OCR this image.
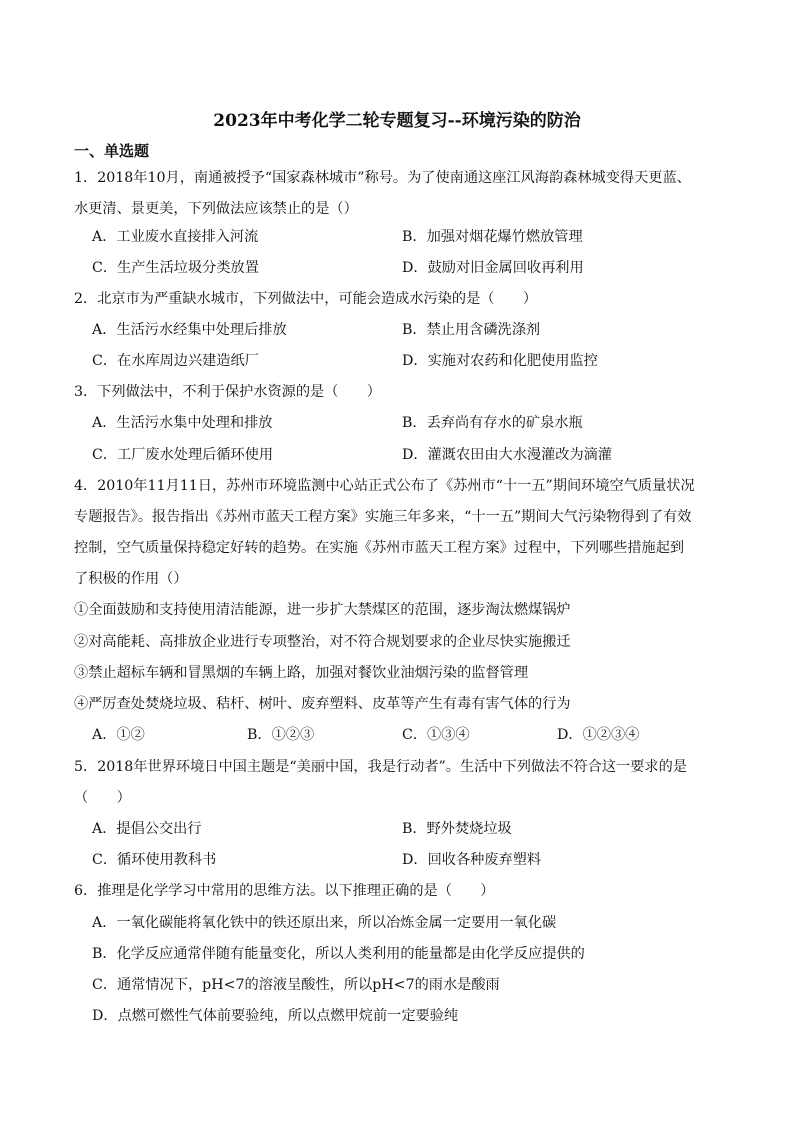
2023年中考化学二轮专题复习--环境污染的防治
一、单选题
1．2018年10月，南通被授予“国家森林城市”称号。为了使南通这座江风海韵森林城变得天更蓝、
水更清、景更美，下列做法应该禁止的是（）
A．工业废水直接排入河流	B．加强对烟花爆竹燃放管理
C．生产生活垃圾分类放置	D．鼓励对旧金属回收再利用
2．北京市为严重缺水城市，下列做法中，可能会造成水污染的是（　　）
A．生活污水经集中处理后排放	B．禁止用含磷洗涤剂
C．在水库周边兴建造纸厂	D．实施对农药和化肥使用监控
3．下列做法中，不利于保护水资源的是（　　）
A．生活污水集中处理和排放	B．丢弃尚有存水的矿泉水瓶
C．工厂废水处理后循环使用	D．灌溉农田由大水漫灌改为滴灌
4．2010年11月11日，苏州市环境监测中心站正式公布了《苏州市“十一五”期间环境空气质量状况
专题报告》。报告指出《苏州市蓝天工程方案》实施三年多来，“十一五”期间大气污染物得到了有效
控制，空气质量保持稳定好转的趋势。在实施《苏州市蓝天工程方案》过程中，下列哪些措施起到
了积极的作用（）
①全面鼓励和支持使用清洁能源，进一步扩大禁煤区的范围，逐步淘汰燃煤锅炉
②对高能耗、高排放企业进行专项整治，对不符合规划要求的企业尽快实施搬迁
③禁止超标车辆和冒黑烟的车辆上路，加强对餐饮业油烟污染的监督管理
④严厉查处焚烧垃圾、秸杆、树叶、废弃塑料、皮革等产生有毒有害气体的行为
A．①②	B．①②③	C．①③④	D．①②③④
5．2018年世界环境日中国主题是“美丽中国，我是行动者”。生活中下列做法不符合这一要求的是
（　　）
A．提倡公交出行	B．野外焚烧垃圾
C．循环使用教科书	D．回收各种废弃塑料
6．推理是化学学习中常用的思维方法。以下推理正确的是（　　）
A．一氧化碳能将氧化铁中的铁还原出来，所以冶炼金属一定要用一氧化碳
B．化学反应通常伴随有能量变化，所以人类利用的能量都是由化学反应提供的
C．通常情况下，pH<7的溶液呈酸性，所以pH<7的雨水是酸雨
D．点燃可燃性气体前要验纯，所以点燃甲烷前一定要验纯
